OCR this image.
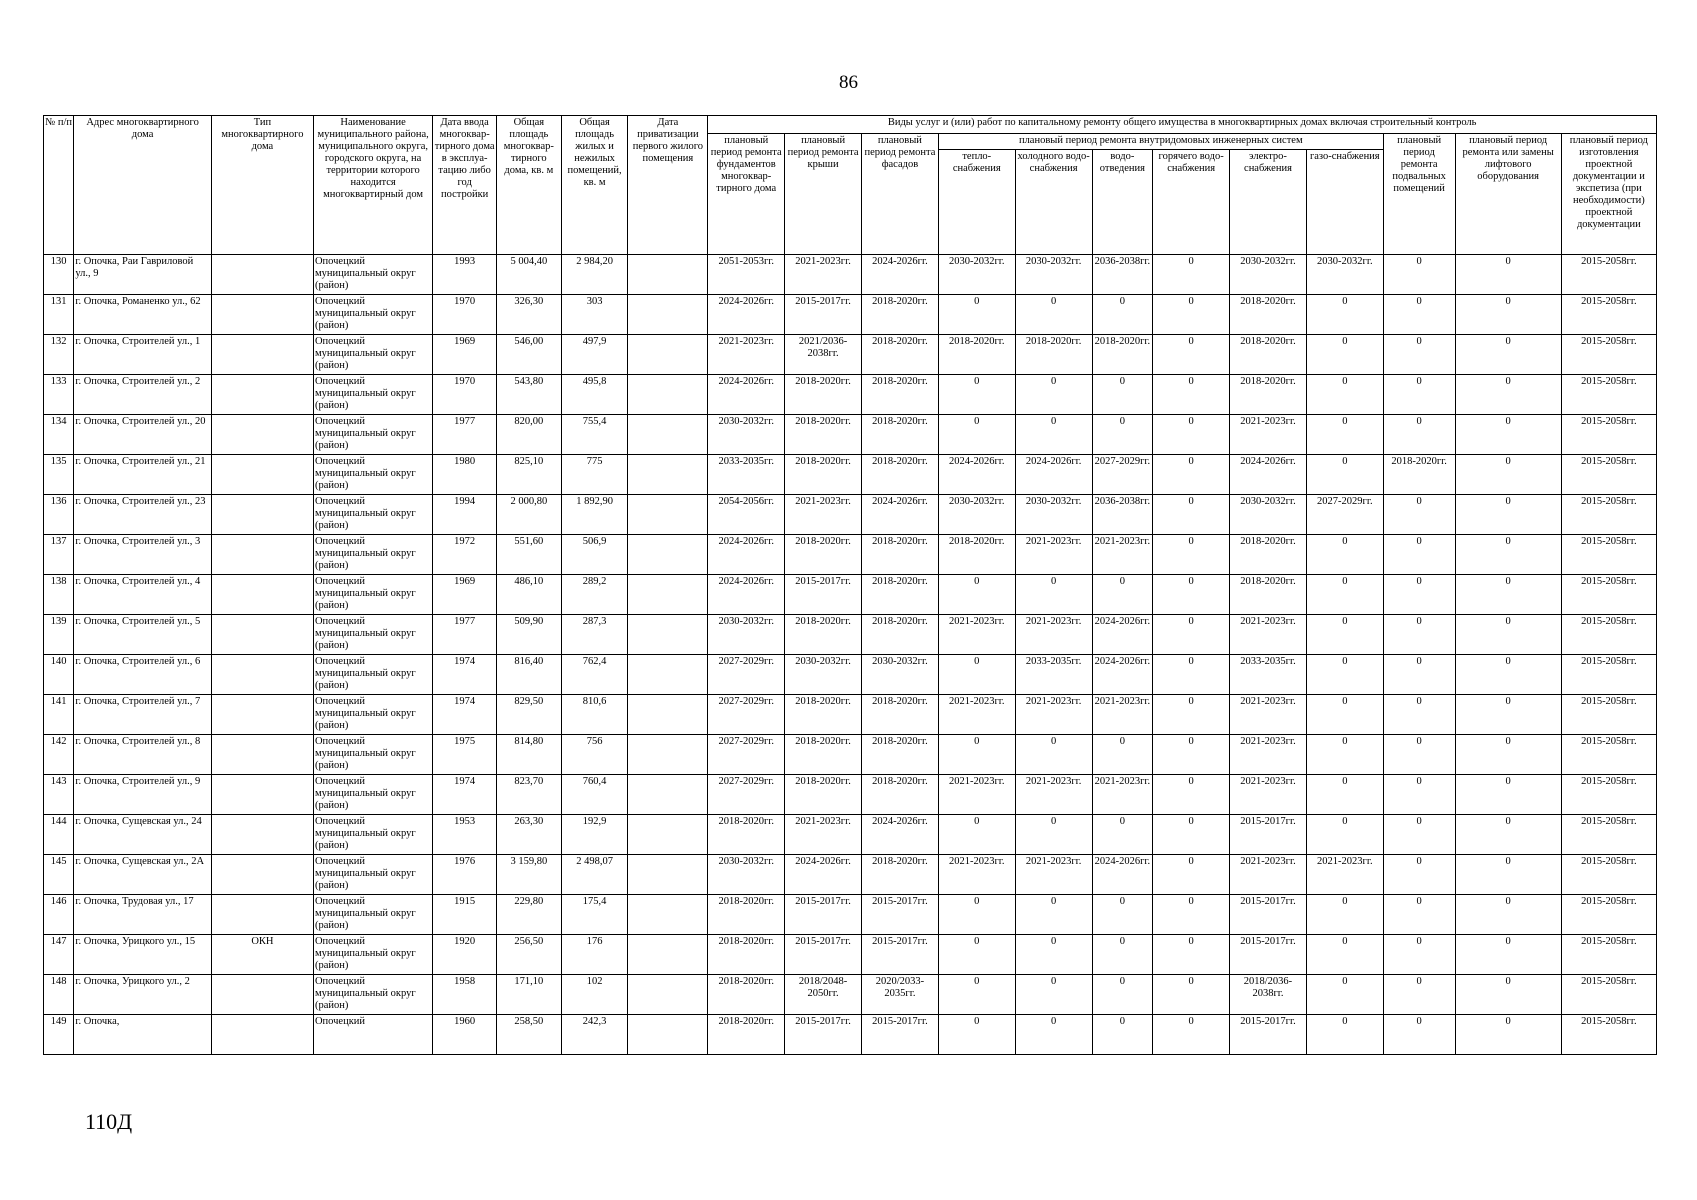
86
№ п/п	Адрес многоквартирного дома	Тип многоквартирного дома	Наименование муниципального района, муниципального округа, городского округа, на территории которого находится многоквартирный дом	Дата ввода многоквар-тирного дома в эксплуа-тацию либо год постройки	Общая площадь многоквар-тирного дома, кв. м	Общая площадь жилых и нежилых помещений, кв. м	Дата приватизации первого жилого помещения	Виды услуг и (или) работ по капитальному ремонту общего имущества в многоквартирных домах включая строительный контроль											
								плановый период ремонта фундаментов многоквар-тирного дома	плановый период ремонта крыши	плановый период ремонта фасадов	плановый период ремонта внутридомовых инженерных систем						плановый период ремонта подвальных помещений	плановый период ремонта или замены лифтового оборудования	плановый период изготовления проектной документации и экспетиза (при необходимости) проектной документации
											тепло-снабжения	холодного водо-снабжения	водо-отведения	горячего водо-снабжения	электро-снабжения	газо-снабжения			
130	г. Опочка, Раи Гавриловой ул., 9		Опочецкий муниципальный округ (район)	1993	5 004,40	2 984,20		2051-2053гг.	2021-2023гг.	2024-2026гг.	2030-2032гг.	2030-2032гг.	2036-2038гг.	0	2030-2032гг.	2030-2032гг.	0	0	2015-2058гг.
131	г. Опочка, Романенко ул., 62		Опочецкий муниципальный округ (район)	1970	326,30	303		2024-2026гг.	2015-2017гг.	2018-2020гг.	0	0	0	0	2018-2020гг.	0	0	0	2015-2058гг.
132	г. Опочка, Строителей ул., 1		Опочецкий муниципальный округ (район)	1969	546,00	497,9		2021-2023гг.	2021/2036-2038гг.	2018-2020гг.	2018-2020гг.	2018-2020гг.	2018-2020гг.	0	2018-2020гг.	0	0	0	2015-2058гг.
133	г. Опочка, Строителей ул., 2		Опочецкий муниципальный округ (район)	1970	543,80	495,8		2024-2026гг.	2018-2020гг.	2018-2020гг.	0	0	0	0	2018-2020гг.	0	0	0	2015-2058гг.
134	г. Опочка, Строителей ул., 20		Опочецкий муниципальный округ (район)	1977	820,00	755,4		2030-2032гг.	2018-2020гг.	2018-2020гг.	0	0	0	0	2021-2023гг.	0	0	0	2015-2058гг.
135	г. Опочка, Строителей ул., 21		Опочецкий муниципальный округ (район)	1980	825,10	775		2033-2035гг.	2018-2020гг.	2018-2020гг.	2024-2026гг.	2024-2026гг.	2027-2029гг.	0	2024-2026гг.	0	2018-2020гг.	0	2015-2058гг.
136	г. Опочка, Строителей ул., 23		Опочецкий муниципальный округ (район)	1994	2 000,80	1 892,90		2054-2056гг.	2021-2023гг.	2024-2026гг.	2030-2032гг.	2030-2032гг.	2036-2038гг.	0	2030-2032гг.	2027-2029гг.	0	0	2015-2058гг.
137	г. Опочка, Строителей ул., 3		Опочецкий муниципальный округ (район)	1972	551,60	506,9		2024-2026гг.	2018-2020гг.	2018-2020гг.	2018-2020гг.	2021-2023гг.	2021-2023гг.	0	2018-2020гг.	0	0	0	2015-2058гг.
138	г. Опочка, Строителей ул., 4		Опочецкий муниципальный округ (район)	1969	486,10	289,2		2024-2026гг.	2015-2017гг.	2018-2020гг.	0	0	0	0	2018-2020гг.	0	0	0	2015-2058гг.
139	г. Опочка, Строителей ул., 5		Опочецкий муниципальный округ (район)	1977	509,90	287,3		2030-2032гг.	2018-2020гг.	2018-2020гг.	2021-2023гг.	2021-2023гг.	2024-2026гг.	0	2021-2023гг.	0	0	0	2015-2058гг.
140	г. Опочка, Строителей ул., 6		Опочецкий муниципальный округ (район)	1974	816,40	762,4		2027-2029гг.	2030-2032гг.	2030-2032гг.	0	2033-2035гг.	2024-2026гг.	0	2033-2035гг.	0	0	0	2015-2058гг.
141	г. Опочка, Строителей ул., 7		Опочецкий муниципальный округ (район)	1974	829,50	810,6		2027-2029гг.	2018-2020гг.	2018-2020гг.	2021-2023гг.	2021-2023гг.	2021-2023гг.	0	2021-2023гг.	0	0	0	2015-2058гг.
142	г. Опочка, Строителей ул., 8		Опочецкий муниципальный округ (район)	1975	814,80	756		2027-2029гг.	2018-2020гг.	2018-2020гг.	0	0	0	0	2021-2023гг.	0	0	0	2015-2058гг.
143	г. Опочка, Строителей ул., 9		Опочецкий муниципальный округ (район)	1974	823,70	760,4		2027-2029гг.	2018-2020гг.	2018-2020гг.	2021-2023гг.	2021-2023гг.	2021-2023гг.	0	2021-2023гг.	0	0	0	2015-2058гг.
144	г. Опочка, Сущевская ул., 24		Опочецкий муниципальный округ (район)	1953	263,30	192,9		2018-2020гг.	2021-2023гг.	2024-2026гг.	0	0	0	0	2015-2017гг.	0	0	0	2015-2058гг.
145	г. Опочка, Сущевская ул., 2А		Опочецкий муниципальный округ (район)	1976	3 159,80	2 498,07		2030-2032гг.	2024-2026гг.	2018-2020гг.	2021-2023гг.	2021-2023гг.	2024-2026гг.	0	2021-2023гг.	2021-2023гг.	0	0	2015-2058гг.
146	г. Опочка, Трудовая ул., 17		Опочецкий муниципальный округ (район)	1915	229,80	175,4		2018-2020гг.	2015-2017гг.	2015-2017гг.	0	0	0	0	2015-2017гг.	0	0	0	2015-2058гг.
147	г. Опочка, Урицкого ул., 15	ОКН	Опочецкий муниципальный округ (район)	1920	256,50	176		2018-2020гг.	2015-2017гг.	2015-2017гг.	0	0	0	0	2015-2017гг.	0	0	0	2015-2058гг.
148	г. Опочка, Урицкого ул., 2		Опочецкий муниципальный округ (район)	1958	171,10	102		2018-2020гг.	2018/2048-2050гг.	2020/2033-2035гг.	0	0	0	0	2018/2036-2038гг.	0	0	0	2015-2058гг.
149	г. Опочка,		Опочецкий	1960	258,50	242,3		2018-2020гг.	2015-2017гг.	2015-2017гг.	0	0	0	0	2015-2017гг.	0	0	0	2015-2058гг.
110Д
